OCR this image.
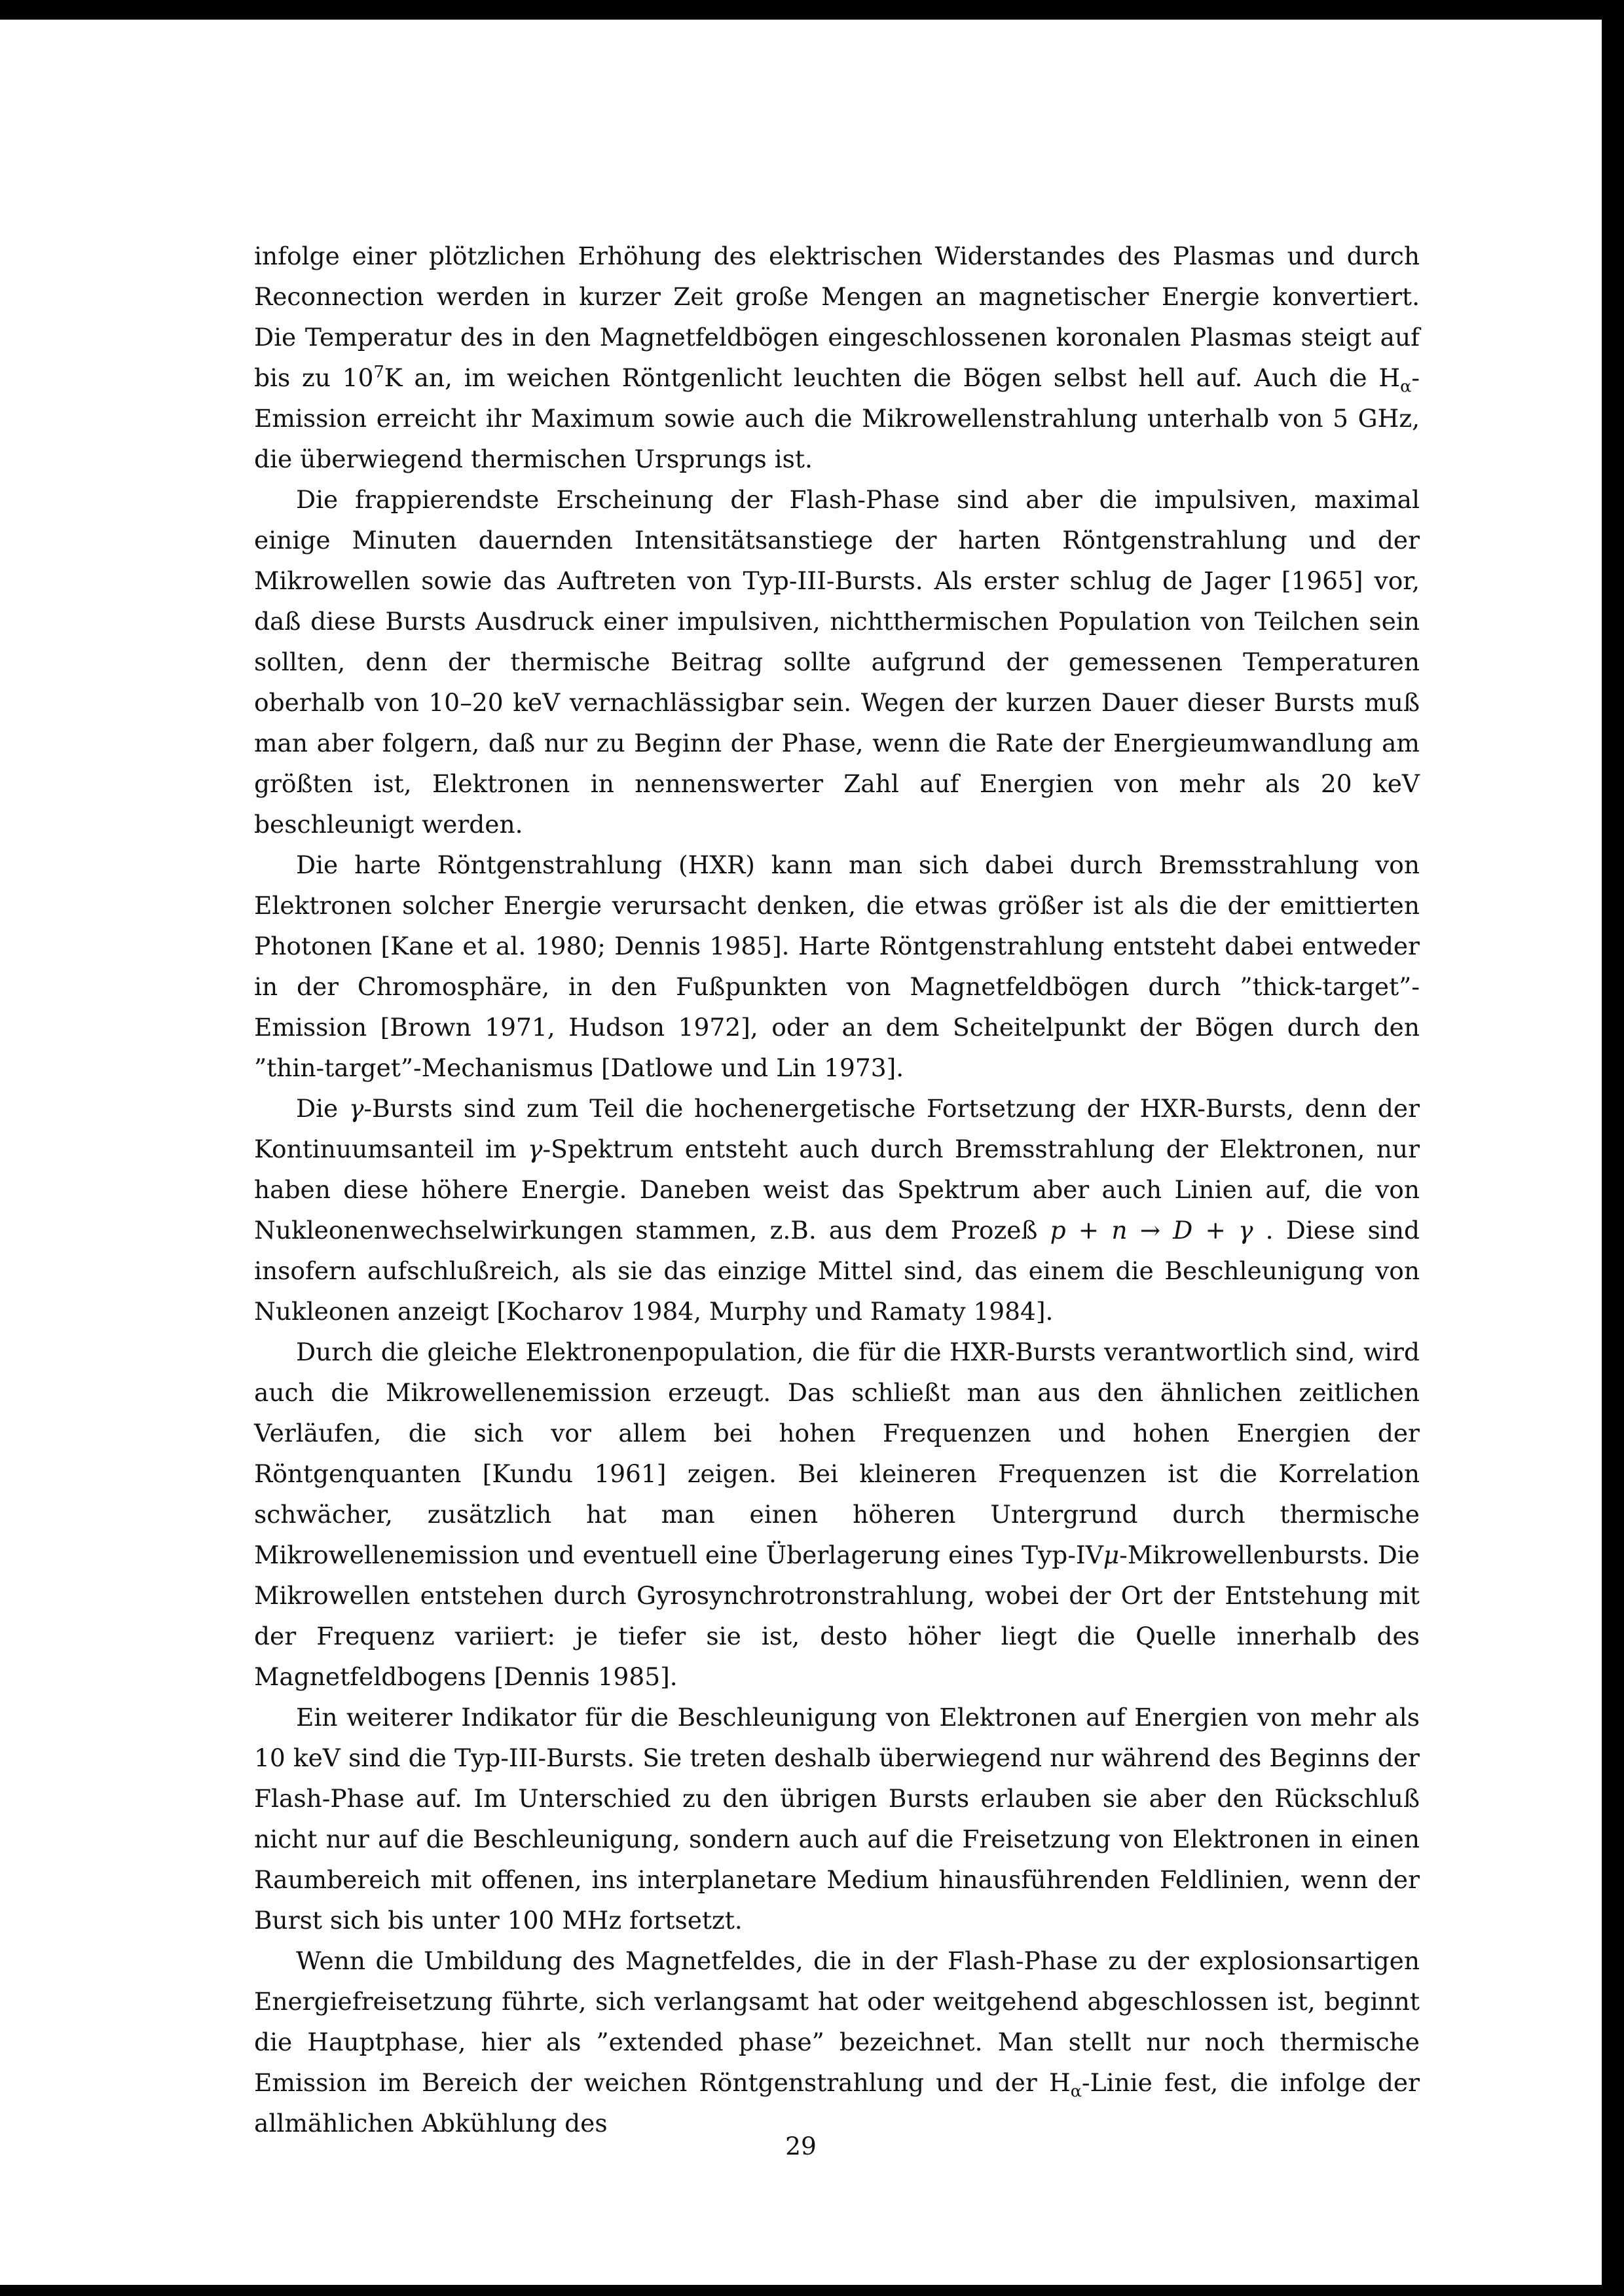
infolge einer plötzlichen Erhöhung des elektrischen Widerstandes des Plasmas und durch Reconnection werden in kurzer Zeit große Mengen an magnetischer Energie konvertiert. Die Temperatur des in den Magnetfeldbögen eingeschlossenen koronalen Plasmas steigt auf bis zu $10^7K$ an, im weichen Röntgenlicht leuchten die Bögen selbst hell auf. Auch die $H_\alpha$-Emission erreicht ihr Maximum sowie auch die Mikrowellenstrahlung unterhalb von 5 GHz, die überwiegend thermischen Ursprungs ist.

Die frappierendste Erscheinung der Flash-Phase sind aber die impulsiven, maximal einige Minuten dauernden Intensitätsanstiege der harten Röntgenstrahlung und der Mikrowellen sowie das Auftreten von Typ-III-Bursts. Als erster schlug de Jager [1965] vor, daß diese Bursts Ausdruck einer impulsiven, nichtthermischen Population von Teilchen sein sollten, denn der thermische Beitrag sollte aufgrund der gemessenen Temperaturen oberhalb von 10–20 keV vernachlässigbar sein. Wegen der kurzen Dauer dieser Bursts muß man aber folgern, daß nur zu Beginn der Phase, wenn die Rate der Energieumwandlung am größten ist, Elektronen in nennenswerter Zahl auf Energien von mehr als 20 keV beschleunigt werden.

Die harte Röntgenstrahlung (HXR) kann man sich dabei durch Bremsstrahlung von Elektronen solcher Energie verursacht denken, die etwas größer ist als die der emittierten Photonen [Kane et al. 1980; Dennis 1985]. Harte Röntgenstrahlung entsteht dabei entweder in der Chromosphäre, in den Fußpunkten von Magnetfeldbögen durch ”thick-target”-Emission [Brown 1971, Hudson 1972], oder an dem Scheitelpunkt der Bögen durch den ”thin-target”-Mechanismus [Datlowe und Lin 1973].

Die γ-Bursts sind zum Teil die hochenergetische Fortsetzung der HXR-Bursts, denn der Kontinuumsanteil im γ-Spektrum entsteht auch durch Bremsstrahlung der Elektronen, nur haben diese höhere Energie. Daneben weist das Spektrum aber auch Linien auf, die von Nukleonenwechselwirkungen stammen, z.B. aus dem Prozeß p + n → D + γ . Diese sind insofern aufschlußreich, als sie das einzige Mittel sind, das einem die Beschleunigung von Nukleonen anzeigt [Kocharov 1984, Murphy und Ramaty 1984].

Durch die gleiche Elektronenpopulation, die für die HXR-Bursts verantwortlich sind, wird auch die Mikrowellenemission erzeugt. Das schließt man aus den ähnlichen zeitlichen Verläufen, die sich vor allem bei hohen Frequenzen und hohen Energien der Röntgenquanten [Kundu 1961] zeigen. Bei kleineren Frequenzen ist die Korrelation schwächer, zusätzlich hat man einen höheren Untergrund durch thermische Mikrowellenemission und eventuell eine Überlagerung eines Typ-IVμ-Mikrowellenbursts. Die Mikrowellen entstehen durch Gyrosynchrotronstrahlung, wobei der Ort der Entstehung mit der Frequenz variiert: je tiefer sie ist, desto höher liegt die Quelle innerhalb des Magnetfeldbogens [Dennis 1985].

Ein weiterer Indikator für die Beschleunigung von Elektronen auf Energien von mehr als 10 keV sind die Typ-III-Bursts. Sie treten deshalb überwiegend nur während des Beginns der Flash-Phase auf. Im Unterschied zu den übrigen Bursts erlauben sie aber den Rückschluß nicht nur auf die Beschleunigung, sondern auch auf die Freisetzung von Elektronen in einen Raumbereich mit offenen, ins interplanetare Medium hinausführenden Feldlinien, wenn der Burst sich bis unter 100 MHz fortsetzt.

Wenn die Umbildung des Magnetfeldes, die in der Flash-Phase zu der explosionsartigen Energiefreisetzung führte, sich verlangsamt hat oder weitgehend abgeschlossen ist, beginnt die Hauptphase, hier als ”extended phase” bezeichnet. Man stellt nur noch thermische Emission im Bereich der weichen Röntgenstrahlung und der $H_\alpha$-Linie fest, die infolge der allmählichen Abkühlung des

29
